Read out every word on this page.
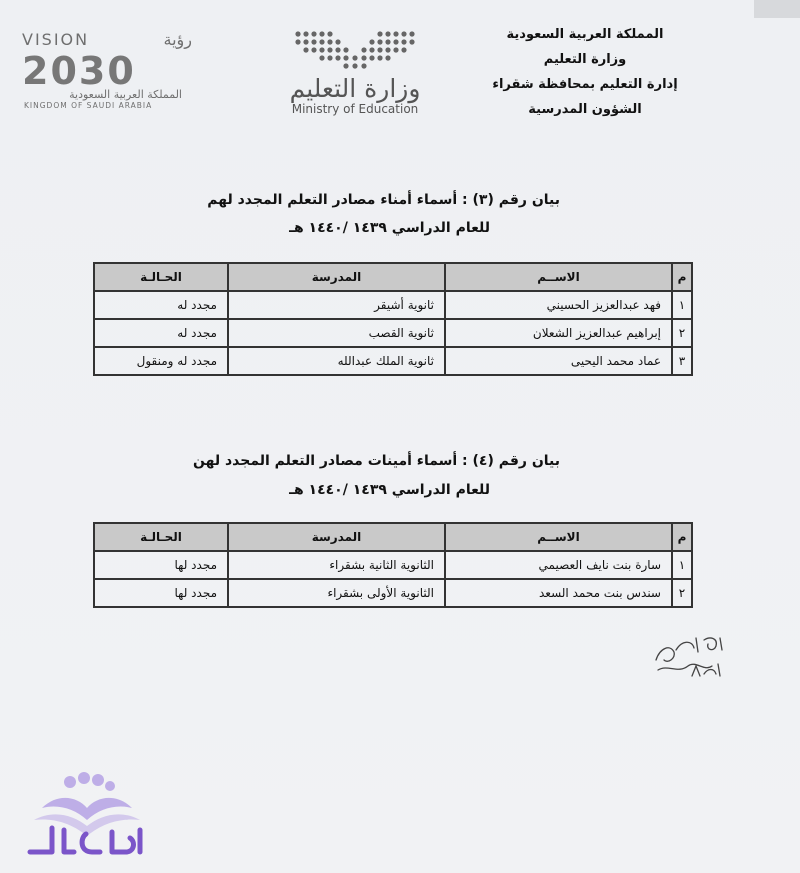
المملكة العربية السعودية
وزارة التعليم
إدارة التعليم بمحافظة شقراء
الشؤون المدرسية
وزارة التعليم
Ministry of Education
VISION	رؤية
2030
المملكة العربية السعودية
KINGDOM OF SAUDI ARABIA
بيان رقم (٣) : أسماء أمناء مصادر التعلم المجدد لهم
للعام الدراسي ١٤٣٩ /١٤٤٠ هـ
م	الاســم	المدرسة	الحـالـة
١	فهد عبدالعزيز الحسيني	ثانوية أشيقر	مجدد له
٢	إبراهيم عبدالعزيز الشعلان	ثانوية القصب	مجدد له
٣	عماد محمد اليحيى	ثانوية الملك عبدالله	مجدد له ومنقول
بيان رقم (٤) : أسماء أمينات مصادر التعلم المجدد لهن
للعام الدراسي ١٤٣٩ /١٤٤٠ هـ
م	الاســم	المدرسة	الحـالـة
١	سارة بنت نايف العصيمي	الثانوية الثانية بشقراء	مجدد لها
٢	سندس بنت محمد السعد	الثانوية الأولى بشقراء	مجدد لها
